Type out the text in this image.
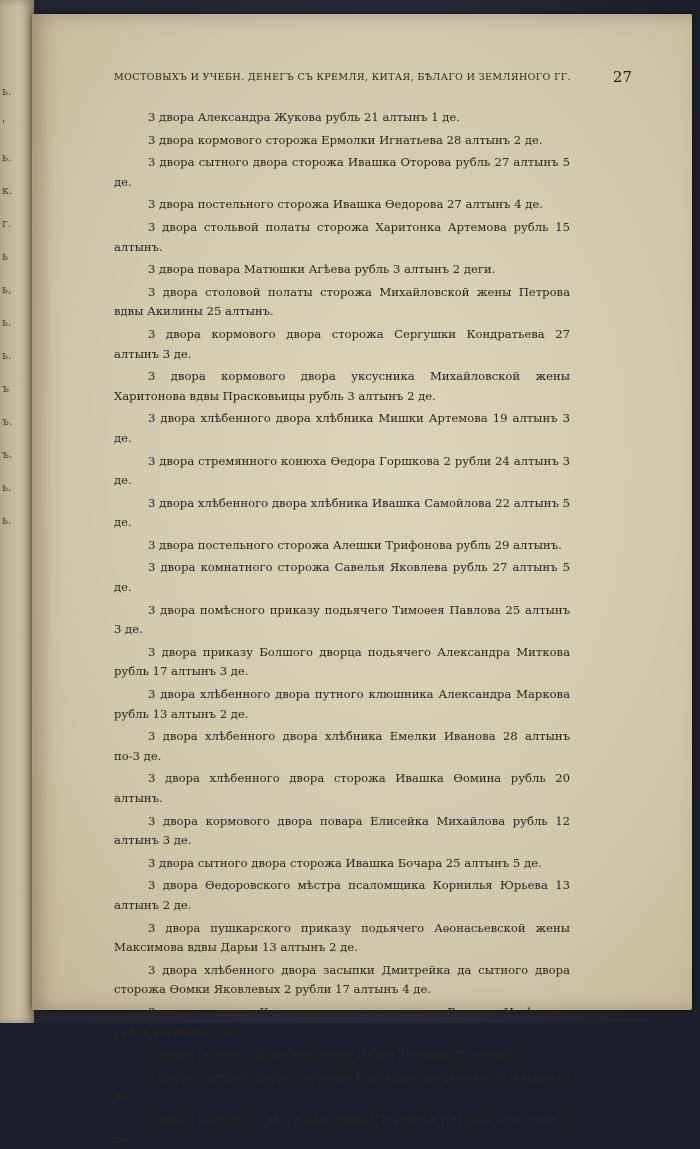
ь.
'
ь.
к.
г.
ь
ь,
ь.
ь.
ъ
ъ.
ъ.
ь.
ь.
МОСТОВЫХЪ И УЧЕБН. ДЕНЕГЪ СЪ КРЕМЛЯ, КИТАЯ, БѢЛАГО И ЗЕМЛЯНОГО ГГ.	27

3 двора Александра Жукова рубль 21 алтынъ 1 де.

3 двора кормового сторожа Ермолки Игнатьева 28 алтынъ 2 де.

3 двора сытного двора сторожа Ивашка Оторова рубль 27 алтынъ 5 де.

3 двора постельного сторожа Ивашка Өедорова 27 алтынъ 4 де.

3 двора стольвой полаты сторожа Харитонка Артемова рубль 15 алтынъ.

3 двора повара Матюшки Агѣева рубль 3 алтынъ 2 деги.

3 двора столовой полаты сторожа Михайловской жены Петрова вдвы Акилины 25 алтынъ.

3 двора кормового двора сторожа Сергушки Кондратьева 27 алтынъ 3 де.

3 двора кормового двора уксусника Михайловской жены Харитонова вдвы Прасковьицы рубль 3 алтынъ 2 де.

3 двора хлѣбенного двора хлѣбника Мишки Артемова 19 алтынъ 3 де.

3 двора стремянного конюха Өедора Горшкова 2 рубли 24 алтынъ 3 де.

3 двора хлѣбенного двора хлѣбника Ивашка Самойлова 22 алтынъ 5 де.

3 двора постельного сторожа Алешки Трифонова рубль 29 алтынъ.

3 двора комнатного сторожа Савелья Яковлева рубль 27 алтынъ 5 де.

3 двора помѣсного приказу подьячего Тимоѳея Павлова 25 алтынъ 3 де.

3 двора приказу Болшого дворца подьячего Александра Миткова рубль 17 алтынъ 3 де.

3 двора хлѣбенного двора путного клюшника Александра Маркова рубль 13 алтынъ 2 де.

3 двора хлѣбенного двора хлѣбника Емелки Иванова 28 алтынъ по-3 де.

3 двора хлѣбенного двора сторожа Ивашка Өомина рубль 20 алтынъ.

3 двора кормового двора повара Елисейка Михайлова рубль 12 алтынъ 3 де.

3 двора сытного двора сторожа Ивашка Бочара 25 алтынъ 5 де.

3 двора Өедоровского мѣстра псаломщика Корнилья Юрьева 13 алтынъ 2 де.

3 двора пушкарского приказу подьячего Аѳонасьевской жены Максимова вдвы Дарьи 13 алтынъ 2 де.

3 двора хлѣбенного двора засыпки Дмитрейка да сытного двора сторожа Өомки Яковлевых 2 рубли 17 алтынъ 4 де.

3 двора сытника Костянтина да подключника Василья Исгѣевыхъ рубль 4 алтынъ 2 де.

3 двора сытного двора подьячего Петра Злобина 29 алтынъ.

3 двора сытного двора сторожа Елизарка Анофреева 30 алтынъ 3 де.

3 двора кормового двора квасовника Терентья Петрова 28 алтынъ 2 де.
